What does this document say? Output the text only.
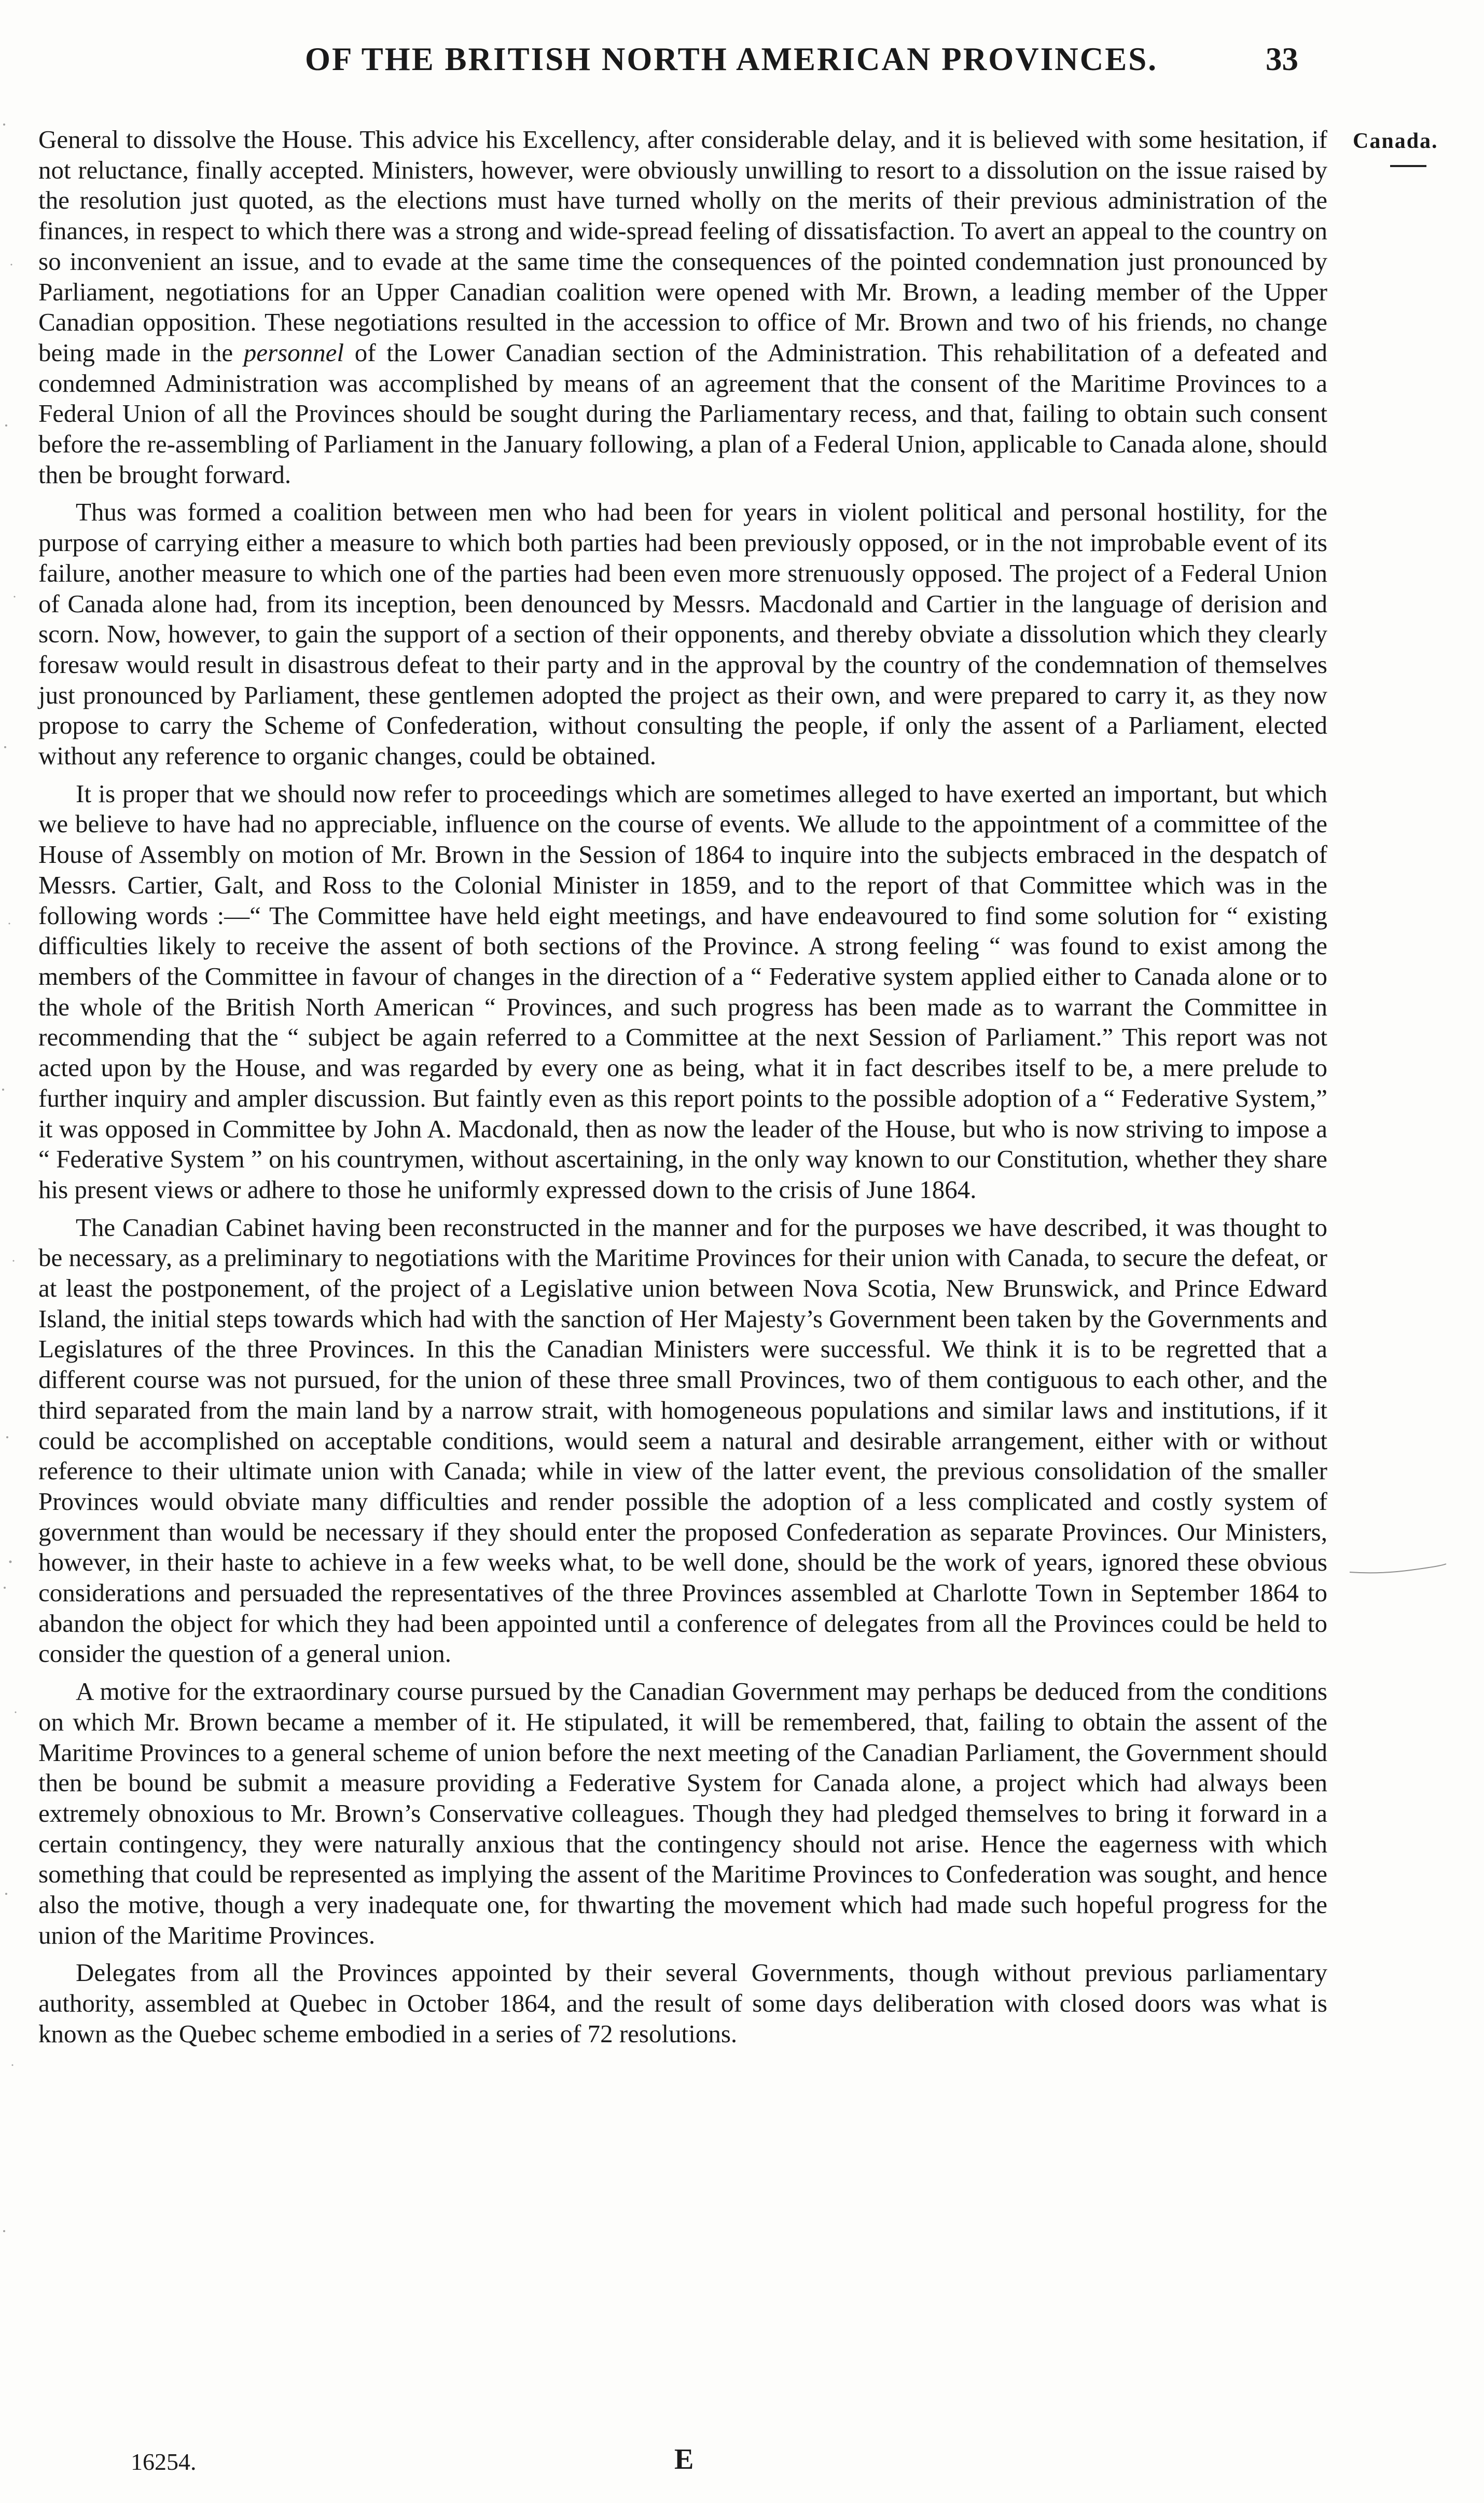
OF THE BRITISH NORTH AMERICAN PROVINCES.	33
Canada.

General to dissolve the House. This advice his Excellency, after considerable delay, and it is believed with some hesitation, if not reluctance, finally accepted. Ministers, however, were obviously unwilling to resort to a dissolution on the issue raised by the resolution just quoted, as the elections must have turned wholly on the merits of their previous administration of the finances, in respect to which there was a strong and wide-spread feeling of dissatisfaction. To avert an appeal to the country on so inconvenient an issue, and to evade at the same time the consequences of the pointed condemnation just pronounced by Parliament, negotiations for an Upper Canadian coalition were opened with Mr. Brown, a leading member of the Upper Canadian opposition. These negotiations resulted in the accession to office of Mr. Brown and two of his friends, no change being made in the personnel of the Lower Canadian section of the Administration. This rehabilitation of a defeated and condemned Administration was accomplished by means of an agreement that the consent of the Maritime Provinces to a Federal Union of all the Provinces should be sought during the Parliamentary recess, and that, failing to obtain such consent before the re-assembling of Parliament in the January following, a plan of a Federal Union, applicable to Canada alone, should then be brought forward.

Thus was formed a coalition between men who had been for years in violent political and personal hostility, for the purpose of carrying either a measure to which both parties had been previously opposed, or in the not improbable event of its failure, another measure to which one of the parties had been even more strenuously opposed. The project of a Federal Union of Canada alone had, from its inception, been denounced by Messrs. Macdonald and Cartier in the language of derision and scorn. Now, however, to gain the support of a section of their opponents, and thereby obviate a dissolution which they clearly foresaw would result in disastrous defeat to their party and in the approval by the country of the condemnation of themselves just pronounced by Parliament, these gentlemen adopted the project as their own, and were prepared to carry it, as they now propose to carry the Scheme of Confederation, without consulting the people, if only the assent of a Parliament, elected without any reference to organic changes, could be obtained.

It is proper that we should now refer to proceedings which are sometimes alleged to have exerted an important, but which we believe to have had no appreciable, influence on the course of events. We allude to the appointment of a committee of the House of Assembly on motion of Mr. Brown in the Session of 1864 to inquire into the subjects embraced in the despatch of Messrs. Cartier, Galt, and Ross to the Colonial Minister in 1859, and to the report of that Committee which was in the following words :—“ The Committee have held eight meetings, and have endeavoured to find some solution for “ existing difficulties likely to receive the assent of both sections of the Province. A strong feeling “ was found to exist among the members of the Committee in favour of changes in the direction of a “ Federative system applied either to Canada alone or to the whole of the British North American “ Provinces, and such progress has been made as to warrant the Committee in recommending that the “ subject be again referred to a Committee at the next Session of Parliament.” This report was not acted upon by the House, and was regarded by every one as being, what it in fact describes itself to be, a mere prelude to further inquiry and ampler discussion. But faintly even as this report points to the possible adoption of a “ Federative System,” it was opposed in Committee by John A. Macdonald, then as now the leader of the House, but who is now striving to impose a “ Federative System ” on his countrymen, without ascertaining, in the only way known to our Constitution, whether they share his present views or adhere to those he uniformly expressed down to the crisis of June 1864.

The Canadian Cabinet having been reconstructed in the manner and for the purposes we have described, it was thought to be necessary, as a preliminary to negotiations with the Maritime Provinces for their union with Canada, to secure the defeat, or at least the postponement, of the project of a Legislative union between Nova Scotia, New Brunswick, and Prince Edward Island, the initial steps towards which had with the sanction of Her Majesty’s Government been taken by the Governments and Legislatures of the three Provinces. In this the Canadian Ministers were successful. We think it is to be regretted that a different course was not pursued, for the union of these three small Provinces, two of them contiguous to each other, and the third separated from the main land by a narrow strait, with homogeneous populations and similar laws and institutions, if it could be accomplished on acceptable conditions, would seem a natural and desirable arrangement, either with or without reference to their ultimate union with Canada; while in view of the latter event, the previous consolidation of the smaller Provinces would obviate many difficulties and render possible the adoption of a less complicated and costly system of government than would be necessary if they should enter the proposed Confederation as separate Provinces. Our Ministers, however, in their haste to achieve in a few weeks what, to be well done, should be the work of years, ignored these obvious considerations and persuaded the representatives of the three Provinces assembled at Charlotte Town in September 1864 to abandon the object for which they had been appointed until a conference of delegates from all the Provinces could be held to consider the question of a general union.

A motive for the extraordinary course pursued by the Canadian Government may perhaps be deduced from the conditions on which Mr. Brown became a member of it. He stipulated, it will be remembered, that, failing to obtain the assent of the Maritime Provinces to a general scheme of union before the next meeting of the Canadian Parliament, the Government should then be bound be submit a measure providing a Federative System for Canada alone, a project which had always been extremely obnoxious to Mr. Brown’s Conservative colleagues. Though they had pledged themselves to bring it forward in a certain contingency, they were naturally anxious that the contingency should not arise. Hence the eagerness with which something that could be represented as implying the assent of the Maritime Provinces to Confederation was sought, and hence also the motive, though a very inadequate one, for thwarting the movement which had made such hopeful progress for the union of the Maritime Provinces.

Delegates from all the Provinces appointed by their several Governments, though without previous parliamentary authority, assembled at Quebec in October 1864, and the result of some days deliberation with closed doors was what is known as the Quebec scheme embodied in a series of 72 resolutions.

16254.	E
